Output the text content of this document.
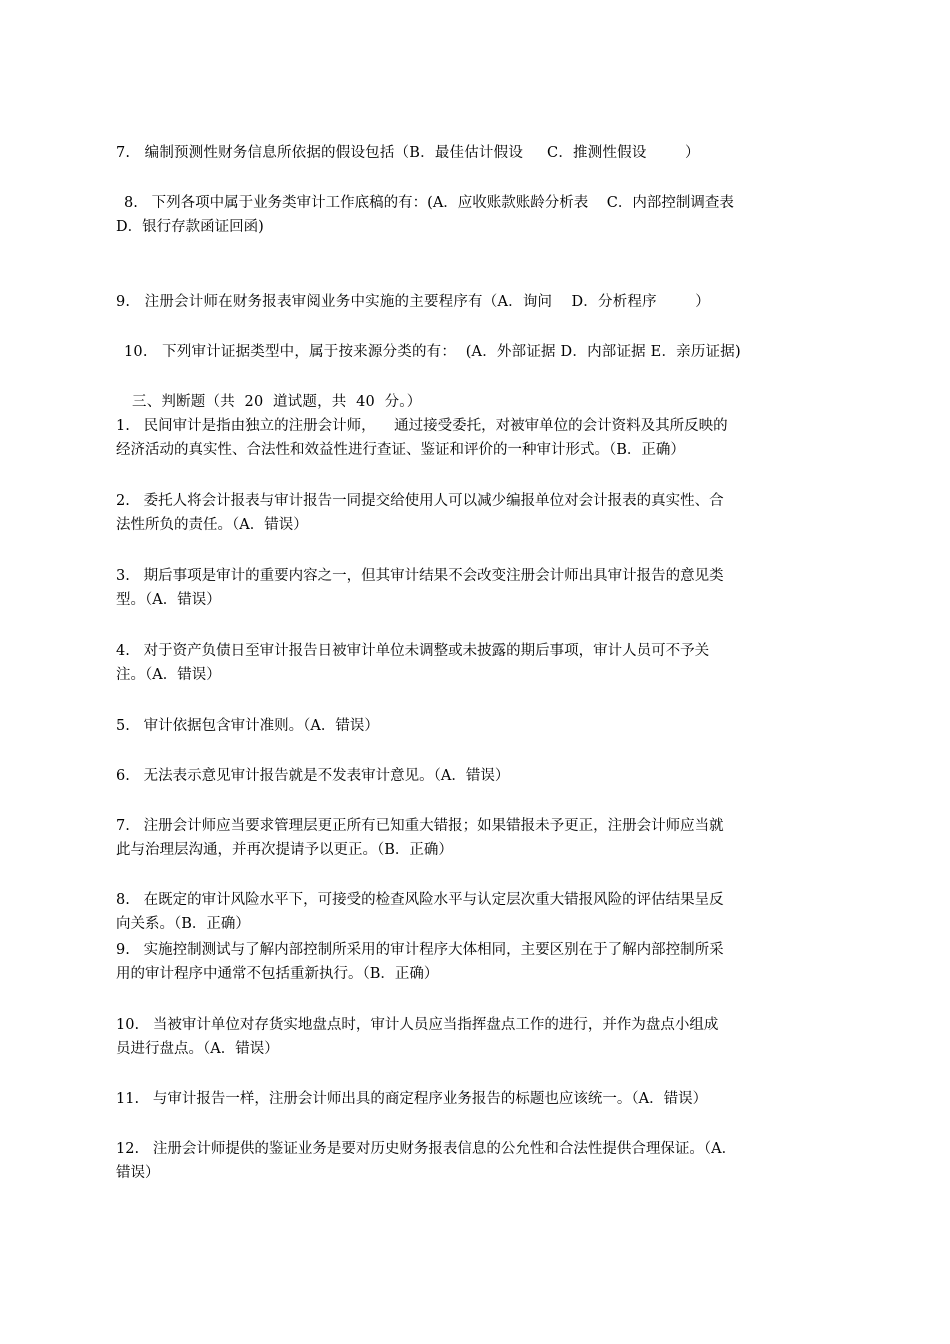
7.   编制预测性财务信息所依据的假设包括（B．最佳估计假设     C．推测性假设        ）
8.   下列各项中属于业务类审计工作底稿的有：(A．应收账款账龄分析表    C．内部控制调查表
D．银行存款函证回函)
9.   注册会计师在财务报表审阅业务中实施的主要程序有（A．询问    D．分析程序        ）
10.   下列审计证据类型中，属于按来源分类的有：  (A．外部证据 D．内部证据 E．亲历证据)
三、判断题（共  20  道试题，共  40  分。）
1.   民间审计是指由独立的注册会计师，    通过接受委托，对被审单位的会计资料及其所反映的
经济活动的真实性、合法性和效益性进行查证、鉴证和评价的一种审计形式。（B．正确）
2.   委托人将会计报表与审计报告一同提交给使用人可以减少编报单位对会计报表的真实性、合
法性所负的责任。（A．错误）
3.   期后事项是审计的重要内容之一，但其审计结果不会改变注册会计师出具审计报告的意见类
型。（A．错误）
4.   对于资产负债日至审计报告日被审计单位未调整或未披露的期后事项，审计人员可不予关
注。（A．错误）
5.   审计依据包含审计准则。（A．错误）
6.   无法表示意见审计报告就是不发表审计意见。（A．错误）
7.   注册会计师应当要求管理层更正所有已知重大错报；如果错报未予更正，注册会计师应当就
此与治理层沟通，并再次提请予以更正。（B．正确）
8.   在既定的审计风险水平下，可接受的检查风险水平与认定层次重大错报风险的评估结果呈反
向关系。（B．正确）
9.   实施控制测试与了解内部控制所采用的审计程序大体相同，主要区别在于了解内部控制所采
用的审计程序中通常不包括重新执行。（B．正确）
10.   当被审计单位对存货实地盘点时，审计人员应当指挥盘点工作的进行，并作为盘点小组成
员进行盘点。（A．错误）
11.   与审计报告一样，注册会计师出具的商定程序业务报告的标题也应该统一。（A．错误）
12.   注册会计师提供的鉴证业务是要对历史财务报表信息的公允性和合法性提供合理保证。（A．
错误）
